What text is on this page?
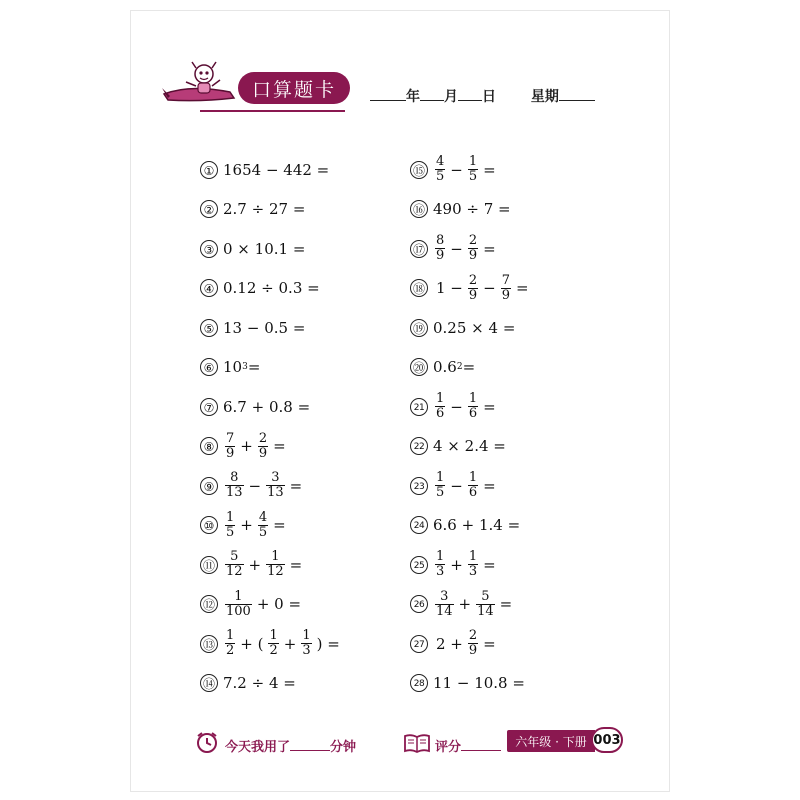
口算题卡	年 月 日 星期
① 1654 − 442 =
② 2.7 ÷ 27 =
③ 0 × 10.1 =
④ 0.12 ÷ 0.3 =
⑤ 13 − 0.5 =
⑥ 10 3 =
⑦ 6.7 + 0.8 =
⑧ $\frac{7}{9} + \frac{2}{9}$ =
⑨ $\frac{8}{13} - \frac{3}{13}$ =
⑩ $\frac{1}{5} + \frac{4}{5}$ =
⑪ $\frac{5}{12} + \frac{1}{12}$ =
⑫ $\frac{1}{100} + 0$ =
⑬ $\frac{1}{2}$ + ( $\frac{1}{2} + \frac{1}{3}$ ) =
⑭ 7.2 ÷ 4 =
⑮ $\frac{4}{5} - \frac{1}{5}$ =
⑯ 490 ÷ 7 =
⑰ $\frac{8}{9} - \frac{2}{9}$ =
⑱ $1 - \frac{2}{9} - \frac{7}{9}$ =
⑲ 0.25 × 4 =
⑳ 0.6 2 =
$21 \frac{1}{6} - \frac{1}{6}$ =
22 4 × 2.4 =
$23 \frac{1}{5} - \frac{1}{6}$ =
24 6.6 + 1.4 =
$25 \frac{1}{3} + \frac{1}{3}$ =
$26 \frac{3}{14} + \frac{5}{14}$ =
27 $2 + \frac{2}{9}$ =
28 11 − 10.8 =
今天我用了	分钟	评分	六年级 · 下册 003
